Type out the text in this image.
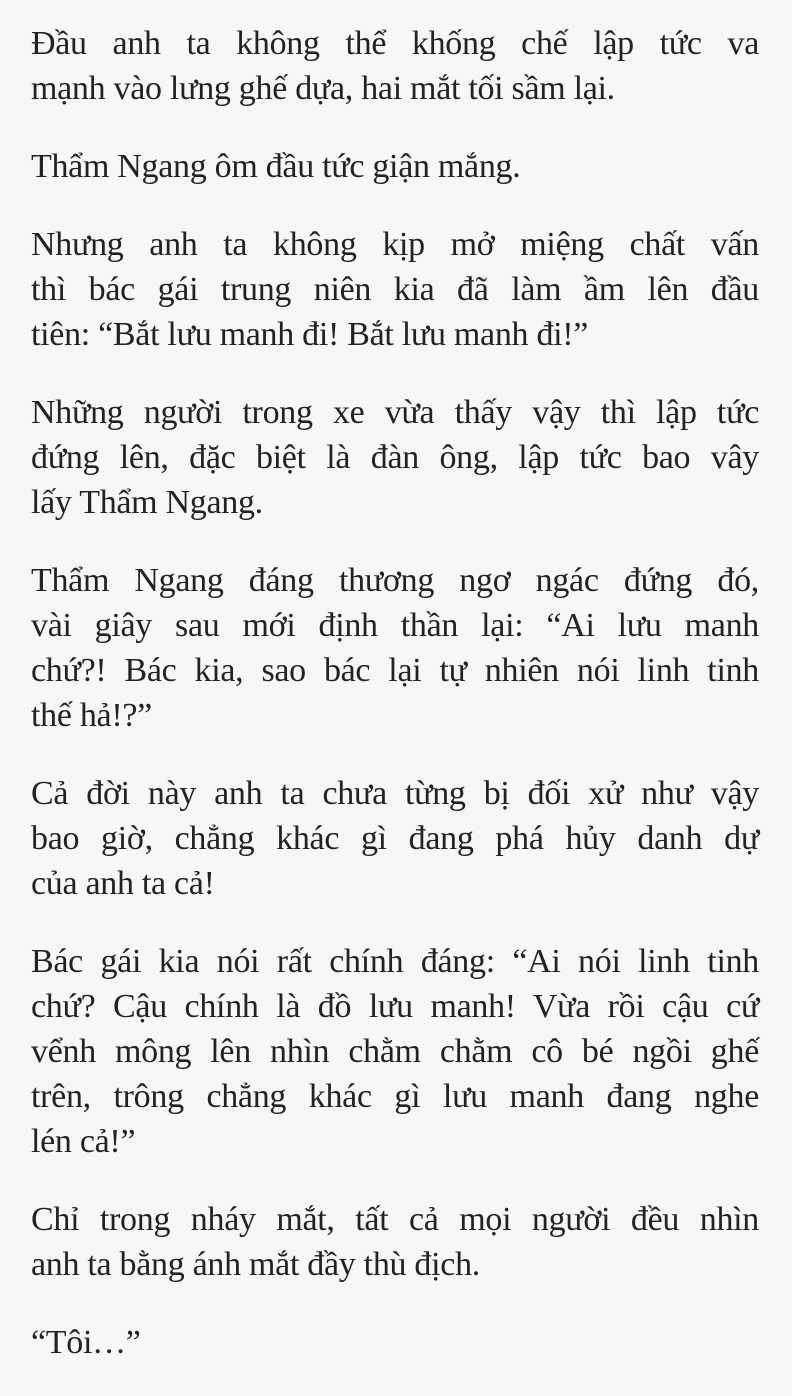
Đầu anh ta không thể khống chế lập tức va
mạnh vào lưng ghế dựa, hai mắt tối sầm lại.

Thẩm Ngang ôm đầu tức giận mắng.

Nhưng anh ta không kịp mở miệng chất vấn
thì bác gái trung niên kia đã làm ầm lên đầu
tiên: “Bắt lưu manh đi! Bắt lưu manh đi!”

Những người trong xe vừa thấy vậy thì lập tức
đứng lên, đặc biệt là đàn ông, lập tức bao vây
lấy Thẩm Ngang.

Thẩm Ngang đáng thương ngơ ngác đứng đó,
vài giây sau mới định thần lại: “Ai lưu manh
chứ?! Bác kia, sao bác lại tự nhiên nói linh tinh
thế hả!?”

Cả đời này anh ta chưa từng bị đối xử như vậy
bao giờ, chẳng khác gì đang phá hủy danh dự
của anh ta cả!

Bác gái kia nói rất chính đáng: “Ai nói linh tinh
chứ? Cậu chính là đồ lưu manh! Vừa rồi cậu cứ
vểnh mông lên nhìn chằm chằm cô bé ngồi ghế
trên, trông chẳng khác gì lưu manh đang nghe
lén cả!”

Chỉ trong nháy mắt, tất cả mọi người đều nhìn
anh ta bằng ánh mắt đầy thù địch.

“Tôi…”
